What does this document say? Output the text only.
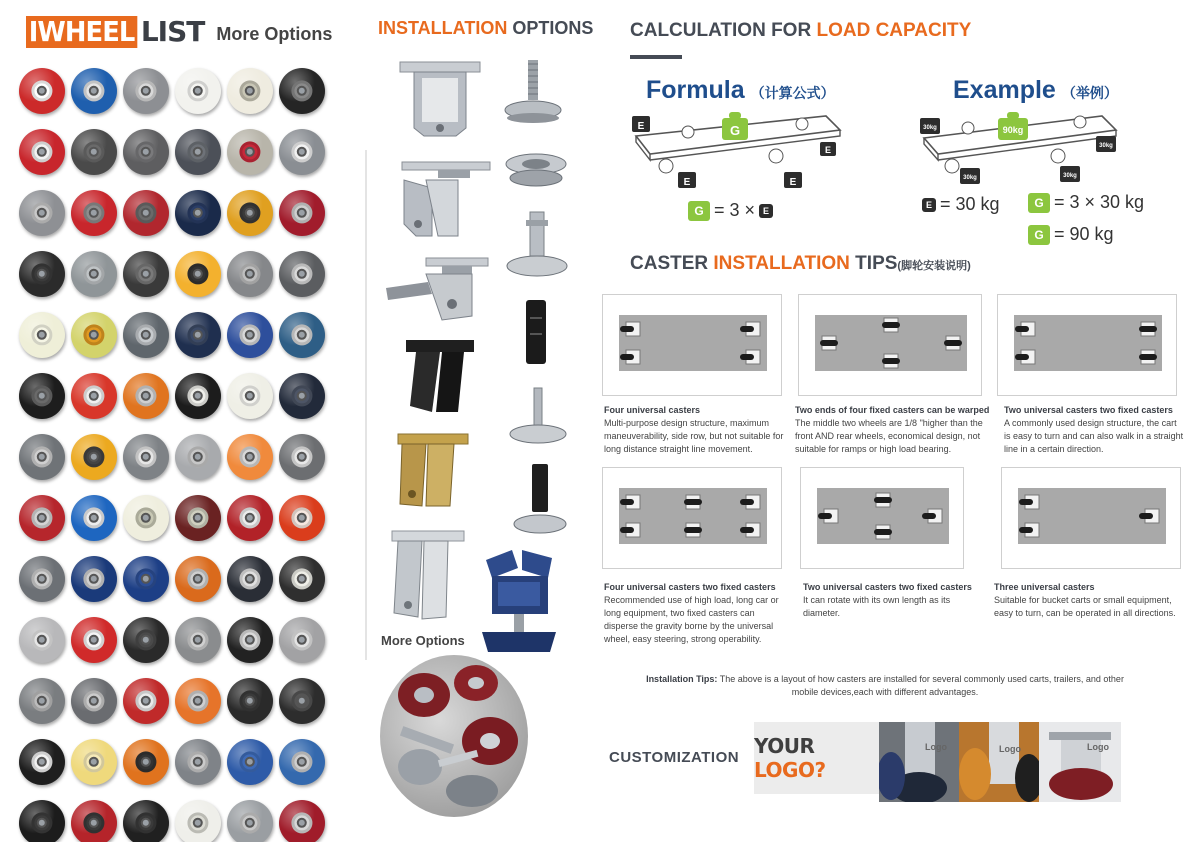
IWHEEL LIST More Options	INSTALLATION OPTIONS
More Options
CALCULATION FOR LOAD CAPACITY
Formula （计算公式）
G
E
E
E	E
G = 3 × E
Example （举例）
90kg
30kg
30kg
30kg	30kg
E = 30 kg	G = 3 × 30 kg
G = 90 kg
CASTER INSTALLATION TIPS(脚轮安装说明)
Four universal casters
Multi-purpose design structure, maximum maneuverability, side row, but not suitable for long distance straight line movement.
Two ends of four fixed casters can be warped
The middle two wheels are 1/8 "higher than the front AND rear wheels, economical design, not suitable for ramps or high load bearing.
Two universal casters two fixed casters
A commonly used design structure, the cart is easy to turn and can also walk in a straight line in a certain direction.
Four universal casters two fixed casters
Recommended use of high load, long car or long equipment, two fixed casters can disperse the gravity borne by the universal wheel, easy steering, strong operability.
Two universal casters two fixed casters
It can rotate with its own length as its diameter.
Three universal casters
Suitable for bucket carts or small equipment, easy to turn, can be operated in all directions.
Installation Tips: The above is a layout of how casters are installed for several commonly used carts, trailers, and other mobile devices,each with different advantages.
CUSTOMIZATION YOUR LOGO?
Logo	Logo	Logo
